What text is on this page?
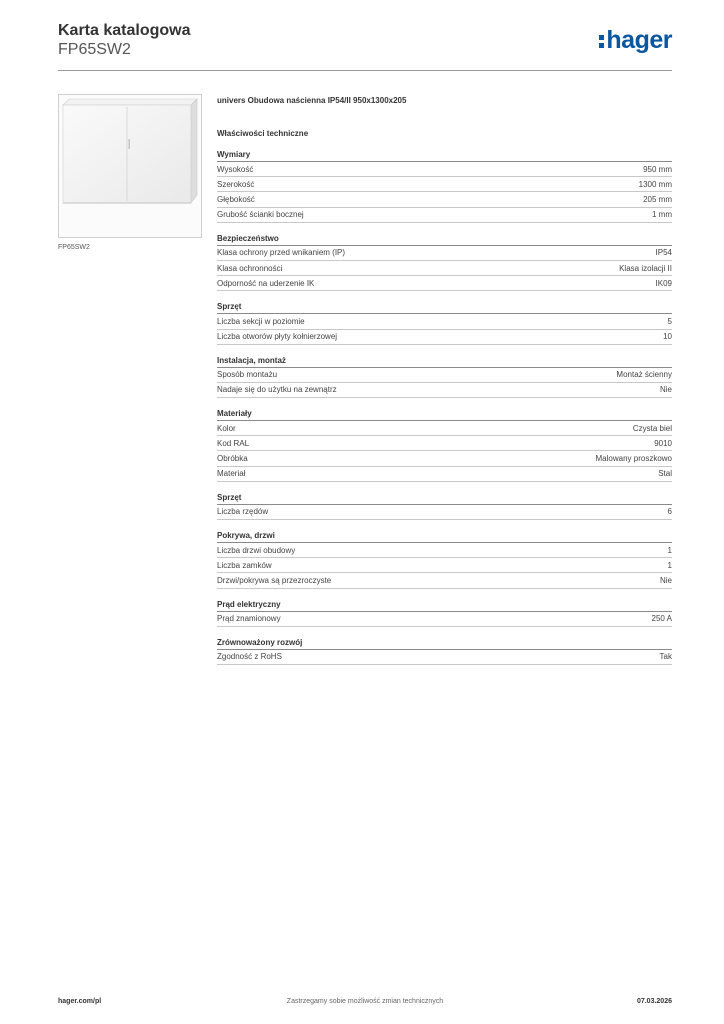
Karta katalogowa
FP65SW2	hager
FP65SW2
univers Obudowa naścienna IP54/II 950x1300x205
Właściwości techniczne
Wymiary
Wysokość	950 mm
Szerokość	1300 mm
Głębokość	205 mm
Grubość ścianki bocznej	1 mm
Bezpieczeństwo
Klasa ochrony przed wnikaniem (IP)	IP54
Klasa ochronności	Klasa izolacji II
Odporność na uderzenie IK	IK09
Sprzęt
Liczba sekcji w poziomie	5
Liczba otworów płyty kołnierzowej	10
Instalacja, montaż
Sposób montażu	Montaż ścienny
Nadaje się do użytku na zewnątrz	Nie
Materiały
Kolor	Czysta biel
Kod RAL	9010
Obróbka	Malowany proszkowo
Materiał	Stal
Sprzęt
Liczba rzędów	6
Pokrywa, drzwi
Liczba drzwi obudowy	1
Liczba zamków	1
Drzwi/pokrywa są przezroczyste	Nie
Prąd elektryczny
Prąd znamionowy	250 A
Zrównoważony rozwój
Zgodność z RoHS	Tak
hager.com/pl	Zastrzegamy sobie możliwość zmian technicznych	07.03.2026
